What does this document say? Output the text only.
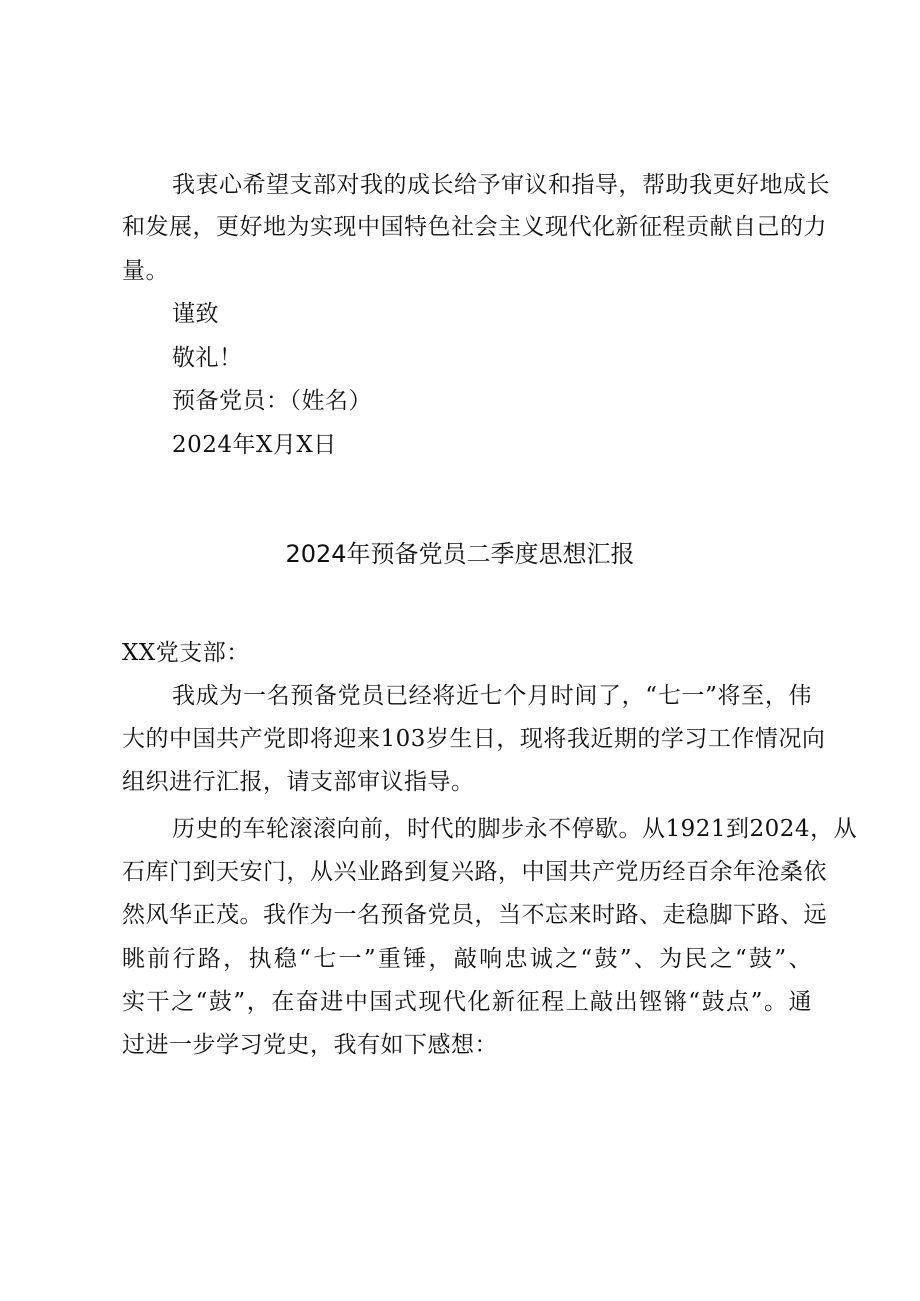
我衷心希望支部对我的成长给予审议和指导，帮助我更好地成长
和发展，更好地为实现中国特色社会主义现代化新征程贡献自己的力
量。
谨致
敬礼！
预备党员：（姓名）
2024年X月X日
2024年预备党员二季度思想汇报
XX党支部：
我成为一名预备党员已经将近七个月时间了，“七一”将至，伟
大的中国共产党即将迎来103岁生日，现将我近期的学习工作情况向
组织进行汇报，请支部审议指导。
历史的车轮滚滚向前，时代的脚步永不停歇。从1921到2024，从
石库门到天安门，从兴业路到复兴路，中国共产党历经百余年沧桑依
然风华正茂。我作为一名预备党员，当不忘来时路、走稳脚下路、远
眺前行路，执稳“七一”重锤，敲响忠诚之“鼓”、为民之“鼓”、
实干之“鼓”，在奋进中国式现代化新征程上敲出铿锵“鼓点”。通
过进一步学习党史，我有如下感想：
